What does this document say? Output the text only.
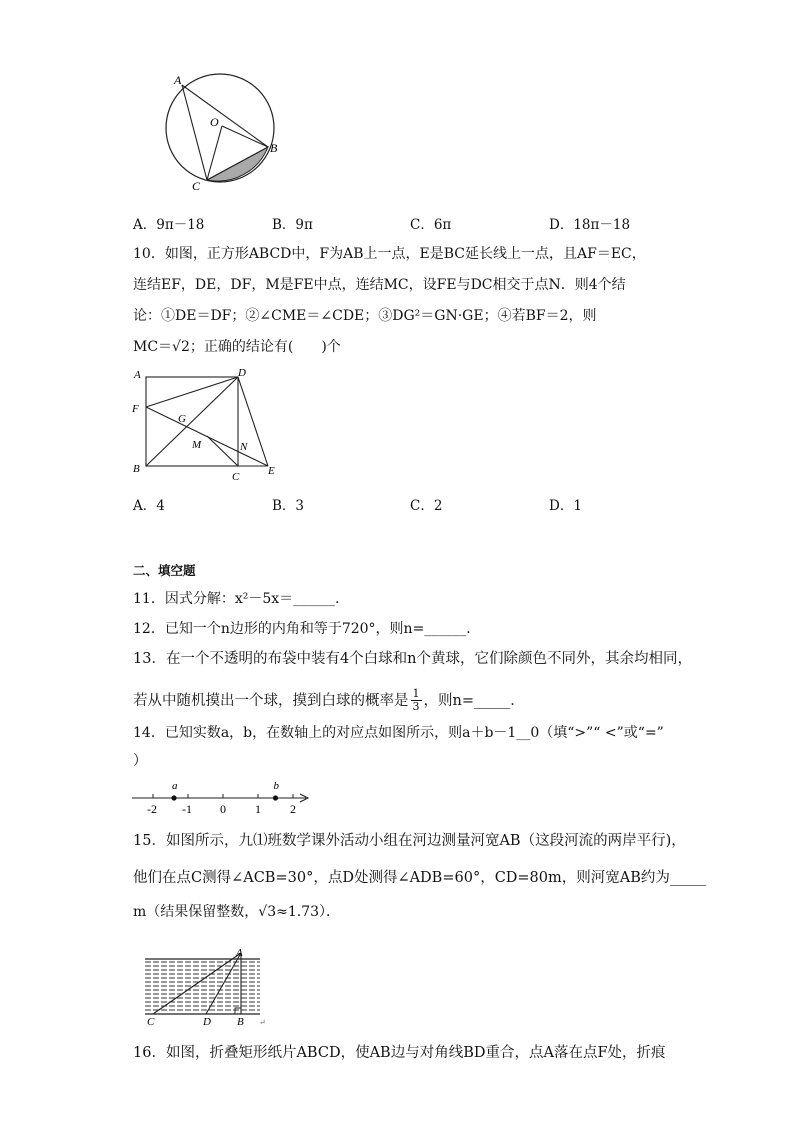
A
O
B
C
A．9π－18	B．9π	C．6π	D．18π－18
10．如图，正方形ABCD中，F为AB上一点，E是BC延长线上一点，且AF＝EC，
连结EF，DE，DF，M是FE中点，连结MC，设FE与DC相交于点N．则4个结
论：①DE＝DF；②∠CME＝∠CDE；③DG²＝GN·GE；④若BF＝2，则
MC＝√2；正确的结论有(　　)个
A	D
F
G
M	N
B
C	E
A．4	B．3	C．2	D．1
二、填空题
11．因式分解：x²－5x＝______．
12．已知一个n边形的内角和等于720°，则n=______．
13．在一个不透明的布袋中装有4个白球和n个黄球，它们除颜色不同外，其余均相同，
若从中随机摸出一个球，摸到白球的概率是 $\frac{1}{3}$ ，则n=_____．
14．已知实数a，b，在数轴上的对应点如图所示，则a＋b－1__0（填“>”“ <”或“=”
）
-2 -1 0 1 2
a	b
15．如图所示，九⑴班数学课外活动小组在河边测量河宽AB（这段河流的两岸平行)，
他们在点C测得∠ACB=30°，点D处测得∠ADB=60°，CD=80m，则河宽AB约为_____
m（结果保留整数，√3≈1.73）．
A
C	D B ↵
16．如图，折叠矩形纸片ABCD，使AB边与对角线BD重合，点A落在点F处，折痕
